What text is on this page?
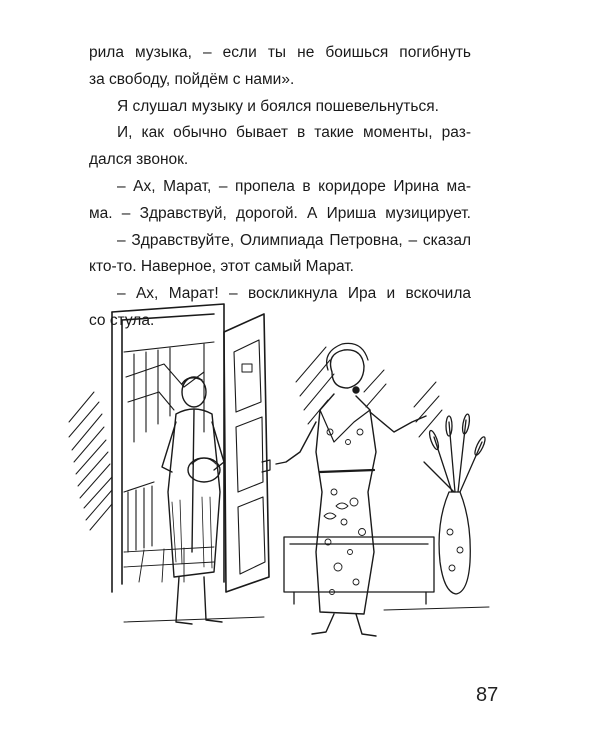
рила музыка, – если ты не боишься погибнуть
за свободу, пойдём с нами».
Я слушал музыку и боялся пошевельнуться.
И, как обычно бывает в такие моменты, раз-
дался звонок.
– Ах, Марат, – пропела в коридоре Ирина ма-
ма. – Здравствуй, дорогой. А Ириша музицирует.
– Здравствуйте, Олимпиада Петровна, – сказал
кто-то. Наверное, этот самый Марат.
– Ах, Марат! – воскликнула Ира и вскочила
со стула.
87
